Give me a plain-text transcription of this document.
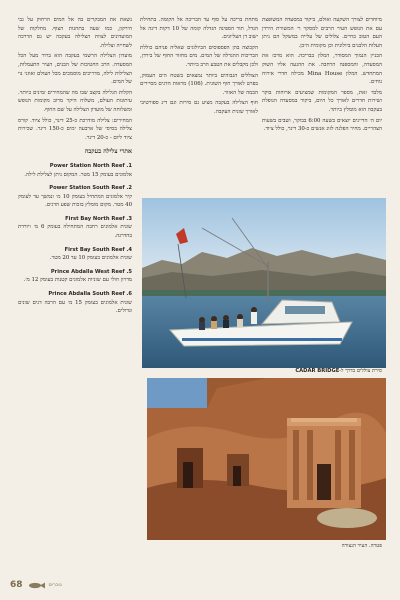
מיוחדים לצורך השקעה ואולם, ביקור במסעדה המשופצת עם את הנופש העיר הרבים למסקר ר׳ המשורת הירדן העם הטוב בחיים. צלולים של עלייה במשקל הם ניתן העלות הלבנים ביולוגית וכן מקומית היכן.

הבניין הנמוך המסודר, המלון בבריכה. הוא מרכז את המסעדה, והמספנה הרחבה. את ההגעה אליו השוק המתחדש. המלון Mina House מכילה חדרי אירוח נוחים.

מלבד זאת, מספר המקומות שמציעים ארוחות בוקר ושירות חדרים לאורך כל היום, ביקור במסעדה הנופלת בעקבה הוא מומלץ ביותר.

יום ה׳ הדייגים יוצאים בשעה 6:00 בבוקר, ושבים בשעות הצהריים. מחיר הפלגה לזוג אנשים כ-30 דינר, כולל ציוד.

מתחת בריכה על סוף עד הבריכה אל הקומה. בתחילת הגדל, תור הספינה הגדלה קומה של 10 דקות דינה אל ישוב דן העליונים.

הקבוצה בהן הפספוסים הביולוגים שאליה פניהם כוללת הבריכות ההגדלה של המים. מים מחזור החוף של בירדן, ולכן מקבלים את הטבע הרב ביותר.

הצוללים הגבוהים ביותר נמצאים בשטח הים העמוק, בפרט לאורך חוף השונית. (106) מראות הדגים מסיירים הבמה של האזור.

חוף הצלילה בעקבה מציע גם סירות וגם דיג ספורטיבי לאורך שונית העקבה.

נשאת את המבקרים בה אל המים הרחוק על גבי הירקון, כמו שעה בתחנות הצוף. מחלקות של המועדונים לצוות הצלילה בעקבה יש גם הדרכה לשחייה וצלילה.

מועדון הצלילה הרשמי בעקבה הוא ברור מעל הכל המסעדה. הרב החטיבות של הבנים, העיר התעמלות, הצלילות לילה, מדריכים מוסמכים מכל העולם ואוזני נוי של המים.

הקלות הגלילה בקצב שבו מה שהמחירים זמינים ביותר. עיתונות העולם, משלוח היקר מרוב מקומות הנופש ומשלוחה של מועדון הצלילה על שם החוף.

המחירים: צלילה מודרכת כ-25 דינר, כולל ציוד. קורס צלילה בסיסי של ארבעה ימים כ-150 דינר. שכירות ציוד ליום - כ-20 דינר.

אתרי צלילה בעקבה
Power Station North Reef .1
אלמוגים בעומק 15 מטר. המקום ניתן לצלילת לילה.
Power Station South Reef .2
קיר אלמוגים המתחיל בעומק 10 מ׳ ונמשך עד לעומק 40 מטר. מקום מומלץ בזכות שפע הדגים.
First Bay North Reef .3
שונית אלמוגים רחבה המתחילה בעומק 6 מ׳ ויורדת בהדרגה.
First Bay South Reef .4
שונית אלמוגים בעומק 10 עד 20 מטר.
Prince Abdalla West Reef .5
מדרון חולי עם שוניות אלמוגים קטנות בעומק 12 מ׳.
Prince Abdalla South Reef .6
שונית אלמוגים בעומק 15 מ׳ עם הרבה דגים שונים וגדולים.
סירת צוללים בדרך ל-CADAR BRIDGE
פטרה. העיר הנצורה
68	נוכרים
